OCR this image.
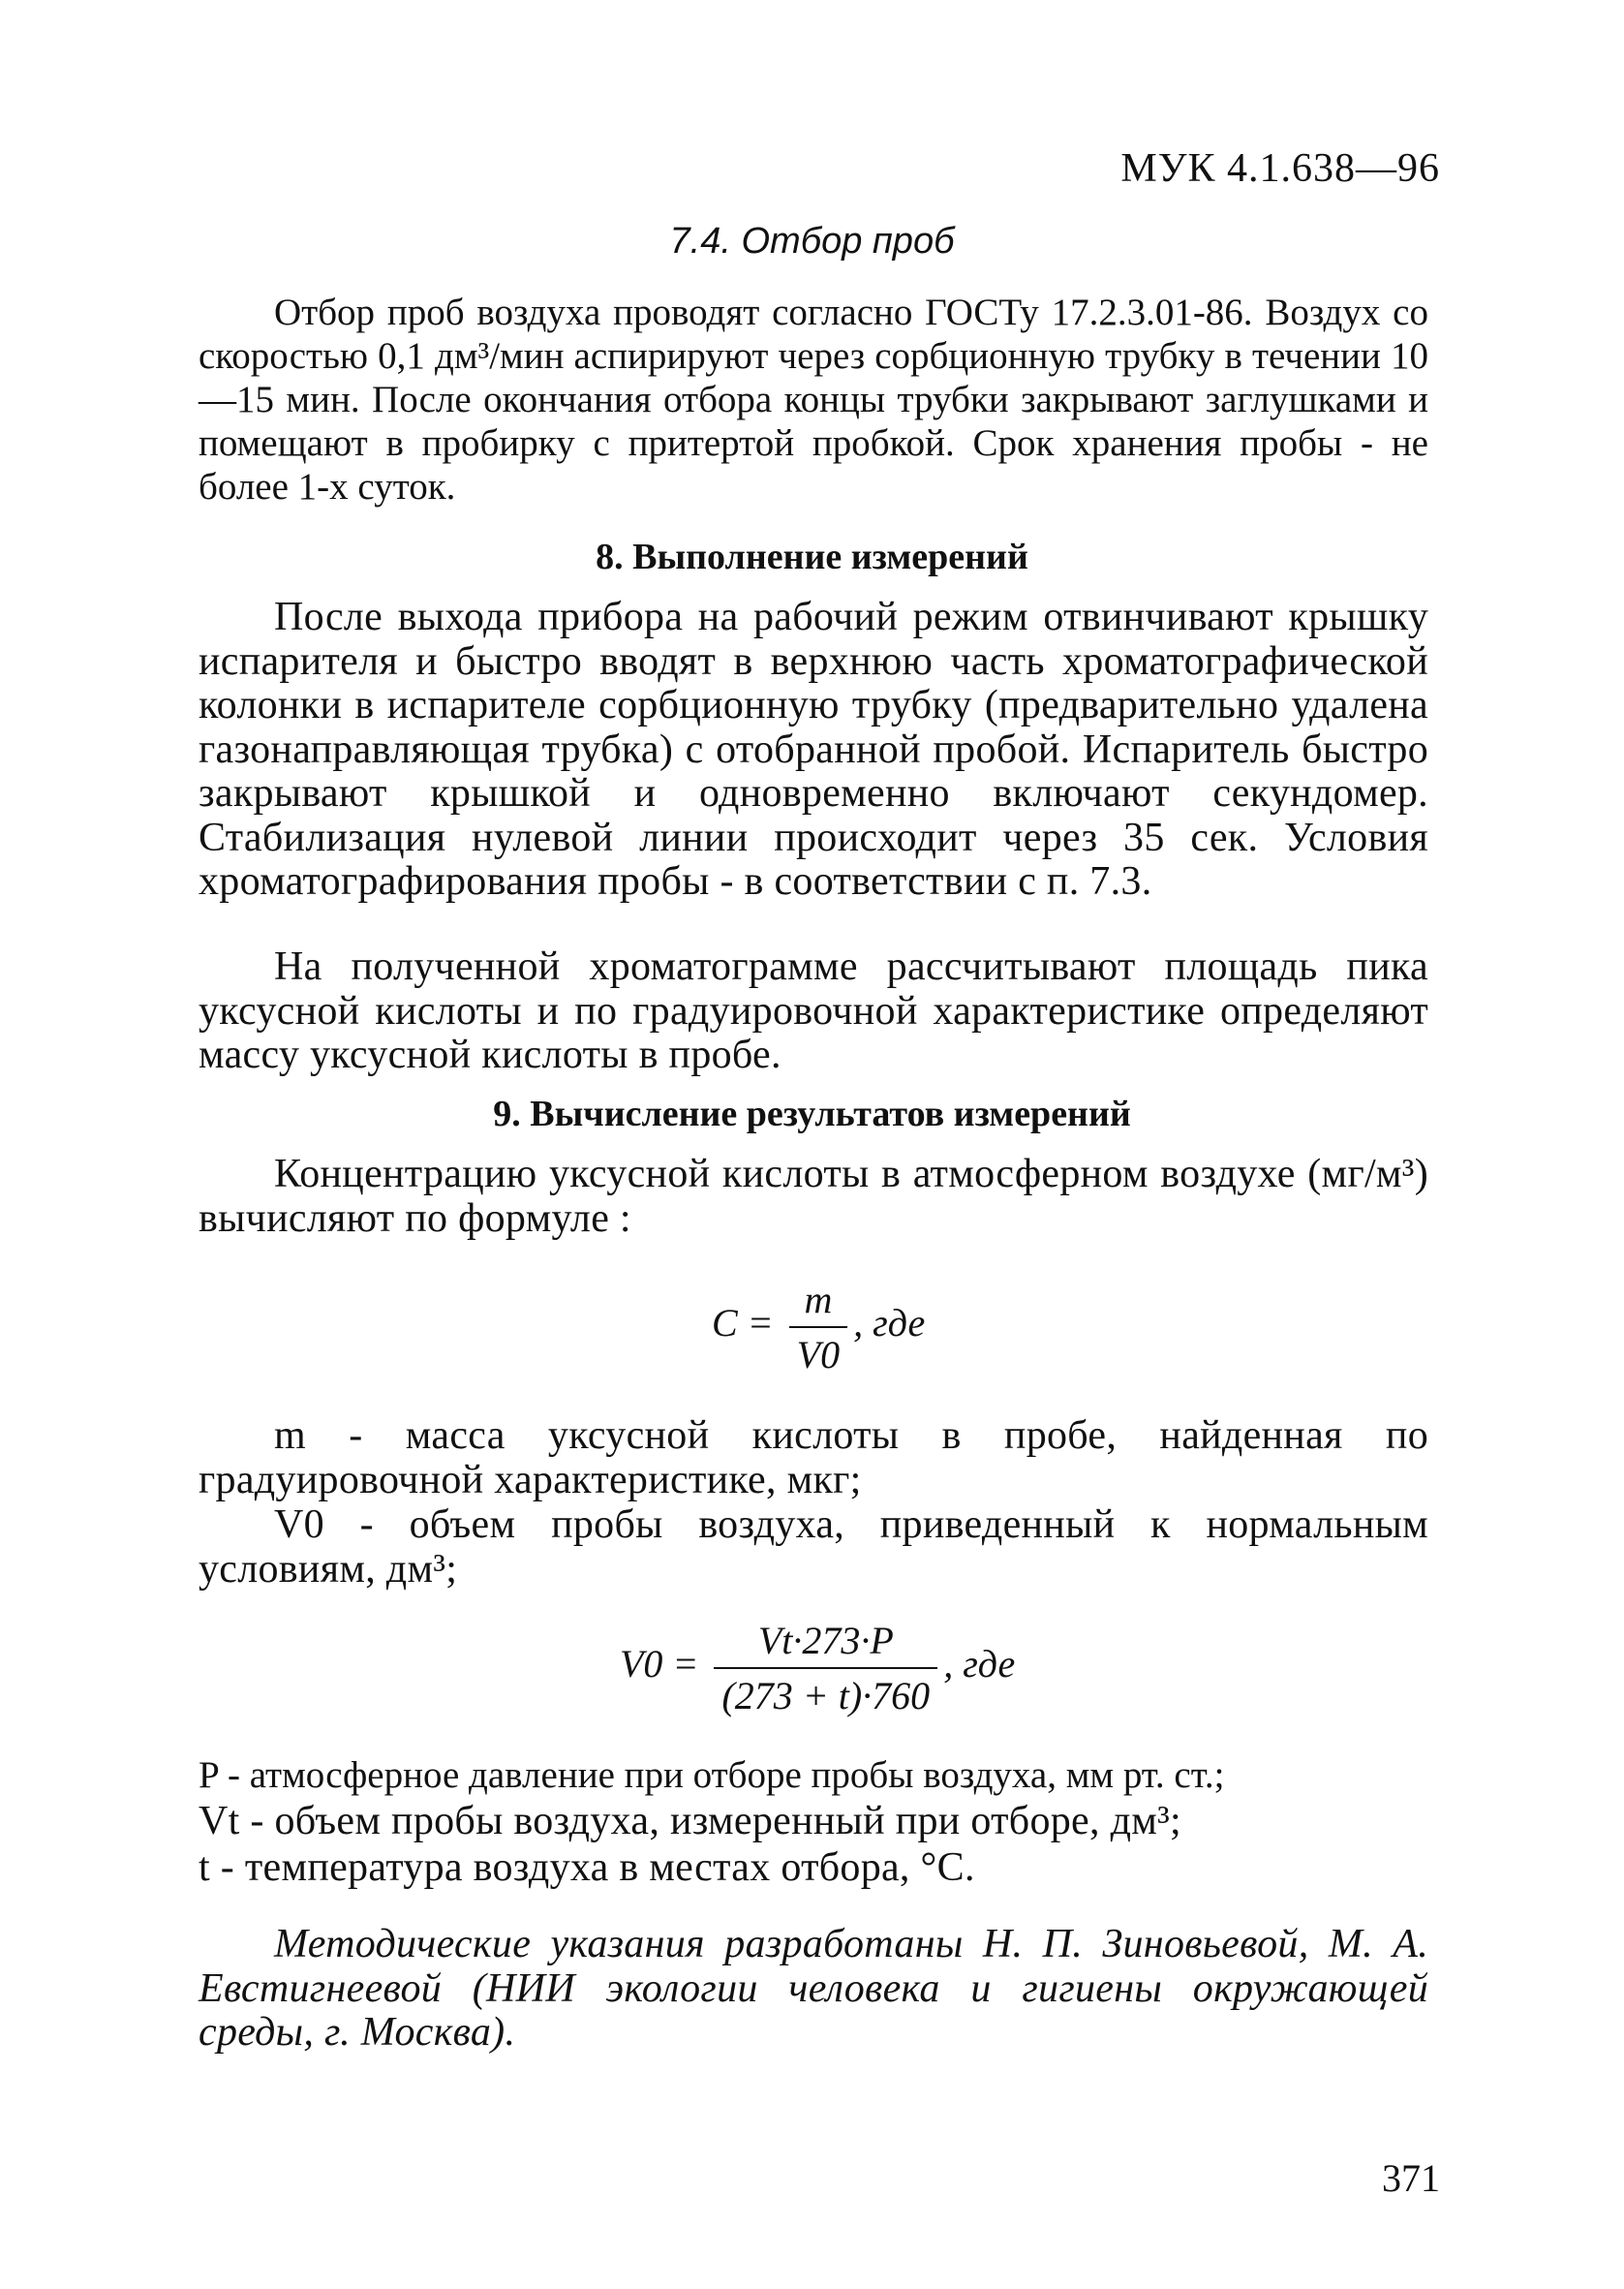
МУК 4.1.638—96
7.4. Отбор проб

Отбор проб воздуха проводят согласно ГОСТу 17.2.3.01-86. Воздух со скоростью 0,1 дм³/мин аспирируют через сорбционную трубку в течении 10—15 мин. После окончания отбора концы трубки закрывают заглушками и помещают в пробирку с притертой пробкой. Срок хранения пробы - не более 1-х суток.

8. Выполнение измерений

После выхода прибора на рабочий режим отвинчивают крышку испарителя и быстро вводят в верхнюю часть хроматографической колонки в испарителе сорбционную трубку (предварительно удалена газонаправляющая трубка) с отобранной пробой. Испаритель быстро закрывают крышкой и одновременно включают секундомер. Стабилизация нулевой линии происходит через 35 сек. Условия хроматографирования пробы - в соответствии с п. 7.3.

На полученной хроматограмме рассчитывают площадь пика уксусной кислоты и по градуировочной характеристике определяют массу уксусной кислоты в пробе.

9. Вычисление результатов измерений

Концентрацию уксусной кислоты в атмосферном воздухе (мг/м³) вычисляют по формуле :

$C = \frac{m}{V0}$ , где

m - масса уксусной кислоты в пробе, найденная по градуировочной характеристике, мкг;

V0 - объем пробы воздуха, приведенный к нормальным условиям, дм³;

$V0 = \frac{Vt\cdot 273\cdot P}{(273 + t)\cdot 760}$ , где

P - атмосферное давление при отборе пробы воздуха, мм рт. ст.;

Vt - объем пробы воздуха, измеренный при отборе, дм³;

t - температура воздуха в местах отбора, °C.

Методические указания разработаны Н. П. Зиновьевой, М. А. Евстигнеевой (НИИ экологии человека и гигиены окружающей среды, г. Москва).

371
